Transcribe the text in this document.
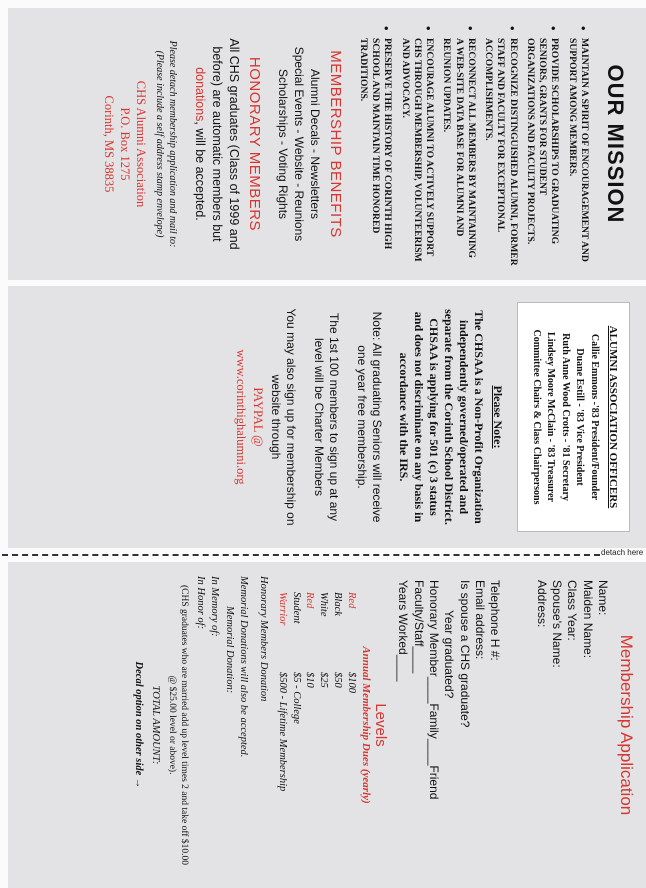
OUR MISSION
• MAINTAIN A SPIRIT OF ENCOURAGEMENT AND SUPPORT AMONG MEMBERS.
• PROVIDE SCHOLARSHIPS TO GRADUATING SENIORS, GRANTS FOR STUDENT ORGANIZATIONS AND FACULTY PROJECTS.
• RECOGNIZE DISTINGUISHED ALUMNI, FORMER STAFF AND FACULTY FOR EXCEPTIONAL ACCOMPLISHMENTS.
• RECONNECT ALL MEMBERS BY MAINTAINING A WEB-SITE DATA BASE FOR ALUMNI AND REUNION UPDATES.
• ENCOURAGE ALUMNI TO ACTIVELY SUPPORT CHS THROUGH MEMBERSHIP, VOLUNTEERISM AND ADVOCACY.
• PRESERVE THE HISTORY OF CORINTH HIGH SCHOOL AND MAINTAIN TIME HONORED TRADITIONS.
MEMBERSHIP BENEFITS
Alumni Decals - Newsletters
Special Events - Website - Reunions
Scholarships - Voting Rights
HONORARY MEMBERS
All CHS graduates (Class of 1999 and before) are automatic members but donations, will be accepted.
Please detach membership application and mail to:
(Please include a self address stamp envelope)
CHS Alumni Association
P.O. Box 1275
Corinth, MS 38835
ALUMNI ASSOCIATION OFFICERS
Callie Emmons -'83 President/Founder
Duane Estill - '83 Vice President
Ruth Anne Wood Crotts - '81 Secretary
Lindsey Moore McClain - '83 Treasurer
Committee Chairs & Class Chairpersons
Please Note:
The CHSAA is a Non-Profit Organization independently governed/operated and separate from the Corinth School District. CHSAA is applying for 501 (c) 3 status and does not discriminate on any basis in accordance with the IRS.
Note: All graduating Seniors will receive one year free membership.
The 1st 100 members to sign up at any level will be Charter Members
You may also sign up for membership on website through
PAYPAL @
www.corinthighalumni.org
detach here
Membership Application
Name:
Maiden Name:
Class Year:
Spouse's Name:
Address:

Telephone H #:
Email address:
Is spouse a CHS graduate?
Year graduated?
Honorary Member____Family____Friend
Faculty/Staff____
Years Worked____
Levels
Annual Membership Dues (yearly)
Red
$100
Black
$50
White
$25
Red
$10
Student
$5 - College
Warrior
$500 - Lifetime Membership
Honorary Members Donation
Memorial Donations will also be accepted.
Memorial Donation:
In Memory of:
In Honor of:
(CHS graduates who are married add up level times 2 and take off $10.00 @ $25.00 level or above).
TOTAL AMOUNT:
Decal option on other side →
